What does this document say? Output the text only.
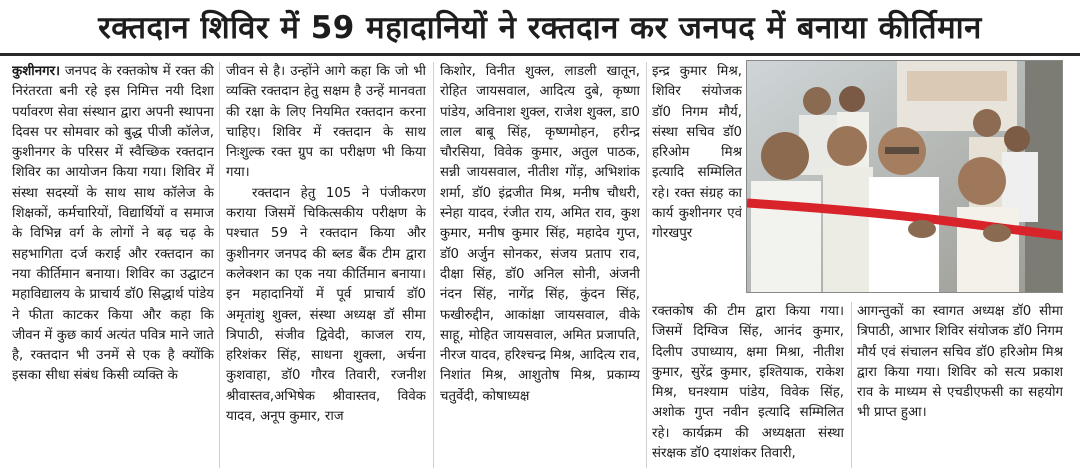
रक्तदान शिविर में 59 महादानियों ने रक्तदान कर जनपद में बनाया कीर्तिमान

कुशीनगर। जनपद के रक्तकोष में रक्त की निरंतरता बनी रहे इस निमित्त नयी दिशा पर्यावरण सेवा संस्थान द्वारा अपनी स्थापना दिवस पर सोमवार को बुद्ध पीजी कॉलेज, कुशीनगर के परिसर में स्वैच्छिक रक्तदान शिविर का आयोजन किया गया। शिविर में संस्था सदस्यों के साथ साथ कॉलेज के शिक्षकों, कर्मचारियों, विद्यार्थियों व समाज के विभिन्न वर्ग के लोगों ने बढ़ चढ़ के सहभागिता दर्ज कराई और रक्तदान का नया कीर्तिमान बनाया। शिविर का उद्घाटन महाविद्यालय के प्राचार्य डॉ0 सिद्धार्थ पांडेय ने फीता काटकर किया और कहा कि जीवन में कुछ कार्य अत्यंत पवित्र माने जाते है, रक्तदान भी उनमें से एक है क्योंकि इसका सीधा संबंध किसी व्यक्ति के

जीवन से है। उन्होंने आगे कहा कि जो भी व्यक्ति रक्तदान हेतु सक्षम है उन्हें मानवता की रक्षा के लिए नियमित रक्तदान करना चाहिए। शिविर में रक्तदान के साथ निःशुल्क रक्त ग्रुप का परीक्षण भी किया गया।

रक्तदान हेतु 105 ने पंजीकरण कराया जिसमें चिकित्सकीय परीक्षण के पश्चात 59 ने रक्तदान किया और कुशीनगर जनपद की ब्लड बैंक टीम द्वारा कलेक्शन का एक नया कीर्तिमान बनाया। इन महादानियों में पूर्व प्राचार्य डॉ0 अमृतांशु शुक्ल, संस्था अध्यक्ष डॉ सीमा त्रिपाठी, संजीव द्विवेदी, काजल राय, हरिशंकर सिंह, साधना शुक्ला, अर्चना कुशवाहा, डॉ0 गौरव तिवारी, रजनीश श्रीवास्तव,अभिषेक श्रीवास्तव, विवेक यादव, अनूप कुमार, राज

किशोर, विनीत शुक्ल, लाडली खातून, रोहित जायसवाल, आदित्य दुबे, कृष्णा पांडेय, अविनाश शुक्ल, राजेश शुक्ल, डा0 लाल बाबू सिंह, कृष्णमोहन, हरीन्द्र चौरसिया, विवेक कुमार, अतुल पाठक, सन्नी जायसवाल, नीतीश गोंड़, अभिशांक शर्मा, डॉ0 इंद्रजीत मिश्र, मनीष चौधरी, स्नेहा यादव, रंजीत राय, अमित राव, कुश कुमार, मनीष कुमार सिंह, महादेव गुप्त, डॉ0 अर्जुन सोनकर, संजय प्रताप राव, दीक्षा सिंह, डॉ0 अनिल सोनी, अंजनी नंदन सिंह, नागेंद्र सिंह, कुंदन सिंह, फखीरुद्दीन, आकांक्षा जायसवाल, वीके साहू, मोहित जायसवाल, अमित प्रजापति, नीरज यादव, हरिश्चन्द्र मिश्र, आदित्य राव, निशांत मिश्र, आशुतोष मिश्र, प्रकाम्य चतुर्वेदी, कोषाध्यक्ष

इन्द्र कुमार मिश्र, शिविर संयोजक डॉ0 निगम मौर्य, संस्था सचिव डॉ0 हरिओम मिश्र इत्यादि सम्मिलित रहे। रक्त संग्रह का कार्य कुशीनगर एवं गोरखपुर

रक्तकोष की टीम द्वारा किया गया। जिसमें दिग्विज सिंह, आनंद कुमार, दिलीप उपाध्याय, क्षमा मिश्रा, नीतीश कुमार, सुरेंद्र कुमार, इश्तियाक, राकेश मिश्र, घनश्याम पांडेय, विवेक सिंह, अशोक गुप्त नवीन इत्यादि सम्मिलित रहे। कार्यक्रम की अध्यक्षता संस्था संरक्षक डॉ0 दयाशंकर तिवारी,

आगन्तुकों का स्वागत अध्यक्ष डॉ0 सीमा त्रिपाठी, आभार शिविर संयोजक डॉ0 निगम मौर्य एवं संचालन सचिव डॉ0 हरिओम मिश्र द्वारा किया गया। शिविर को सत्य प्रकाश राव के माध्यम से एचडीएफसी का सहयोग भी प्राप्त हुआ।
